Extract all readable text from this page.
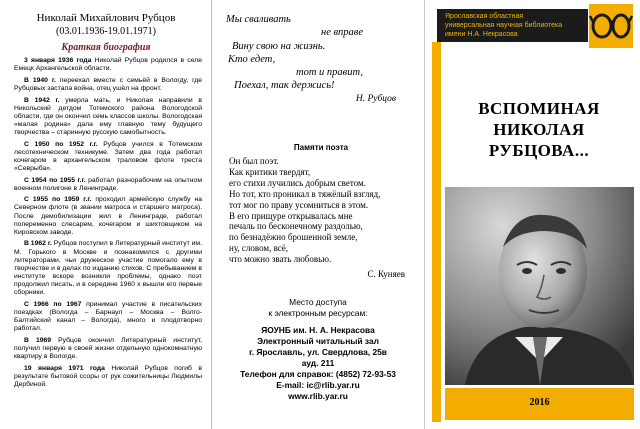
Николай Михайлович Рубцов
(03.01.1936-19.01.1971)
Краткая биография

3 января 1936 года Николай Рубцов родился в селе Емецк Архангельской области.

В 1940 г. переехал вместе с семьёй в Вологду, где Рубцовых застала война, отец ушёл на фронт.

В 1942 г. умерла мать, и Николая направили в Никольский детдом Тотемского района Вологодской области, где он окончил семь классов школы. Вологодская «малая родина» дала ему главную тему будущего творчества – старинную русскую самобытность.

С 1950 по 1952 г.г. Рубцов учился в Тотемском лесотехническом техникуме. Затем два года работал кочегаром в архангельском траловом флоте треста «Севрыба».

С 1954 по 1955 г.г. работал разнорабочим на опытном военном полигоне в Ленинграде.

С 1955 по 1959 г.г. проходил армейскую службу на Северном флоте (в звании матроса и старшего матроса). После демобилизации жил в Ленинграде, работал попеременно слесарем, кочегаром и шихтовщиком на Кировском заводе.

В 1962 г. Рубцов поступил в Литературный институт им. М. Горького в Москве и познакомился с другими литераторами, чьи дружеское участие помогало ему в творчестве и в делах по изданию стихов. С пребыванием в институте вскоре возникли проблемы, однако поэт продолжил писать, и в середине 1960 х вышли его первые сборники.

С 1966 по 1967 принимал участие в писательских поездках (Вологда – Барнаул – Москва – Волго-Балтийский канал – Вологда), много и плодотворно работал.

В 1969 Рубцов окончил Литературный институт, получил первую в своей жизни отдельную однокомнатную квартиру в Вологде.

19 января 1971 года Николай Рубцов погиб в результате бытовой ссоры от рук сожительницы Людмилы Дербиной.

Мы сваливать
не вправе
Вину свою на жизнь.
Кто едет,
тот и правит,
Поехал, так держись!
Н. Рубцов
Памяти поэта
Он был поэт.
Как критики твердят,
его стихи лучились добрым светом.
Но тот, кто проникал в тяжёлый взгляд,
тот мог по праву усомниться в этом.
В его прищуре открывалась мне
печаль по бесконечному раздолью,
по безнадёжно брошенной земле,
ну, словом, всё,
что можно звать любовью.
С. Куняев
Место доступа
к электронным ресурсам:
ЯОУНБ им. Н. А. Некрасова
Электронный читальный зал
г. Ярославль, ул. Свердлова, 25в
ауд. 211
Телефон для справок: (4852) 72-93-53
E-mail: ic@rlib.yar.ru
www.rlib.yar.ru
Ярославская областная
универсальная научная библиотека
имени Н.А. Некрасова
ВСПОМИНАЯ
НИКОЛАЯ
РУБЦОВА...
2016
